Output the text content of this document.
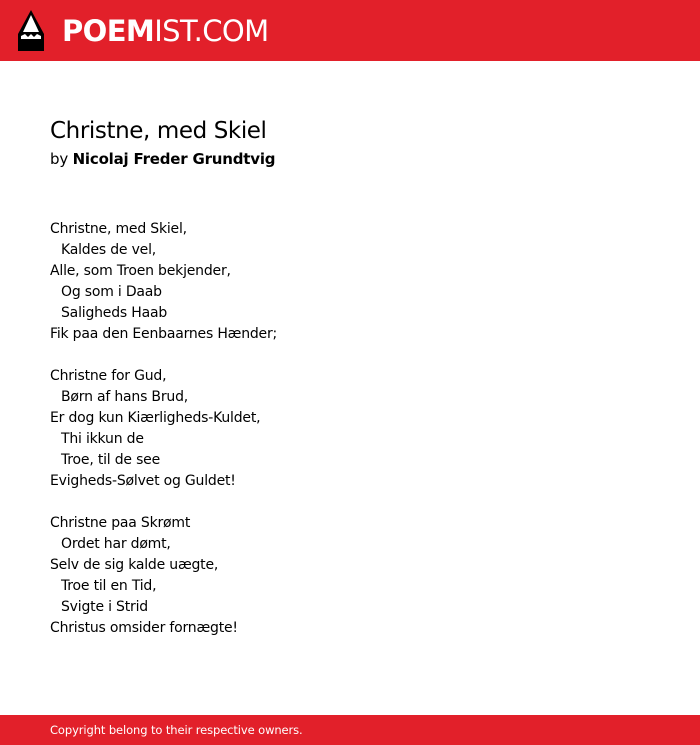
POEMIST.COM
Christne, med Skiel
by Nicolaj Freder Grundtvig
Christne, med Skiel,
Kaldes de vel,
Alle, som Troen bekjender,
Og som i Daab
Saligheds Haab
Fik paa den Eenbaarnes Hænder;
Christne for Gud,
Børn af hans Brud,
Er dog kun Kiærligheds-Kuldet,
Thi ikkun de
Troe, til de see
Evigheds-Sølvet og Guldet!
Christne paa Skrømt
Ordet har dømt,
Selv de sig kalde uægte,
Troe til en Tid,
Svigte i Strid
Christus omsider fornægte!
Copyright belong to their respective owners.
